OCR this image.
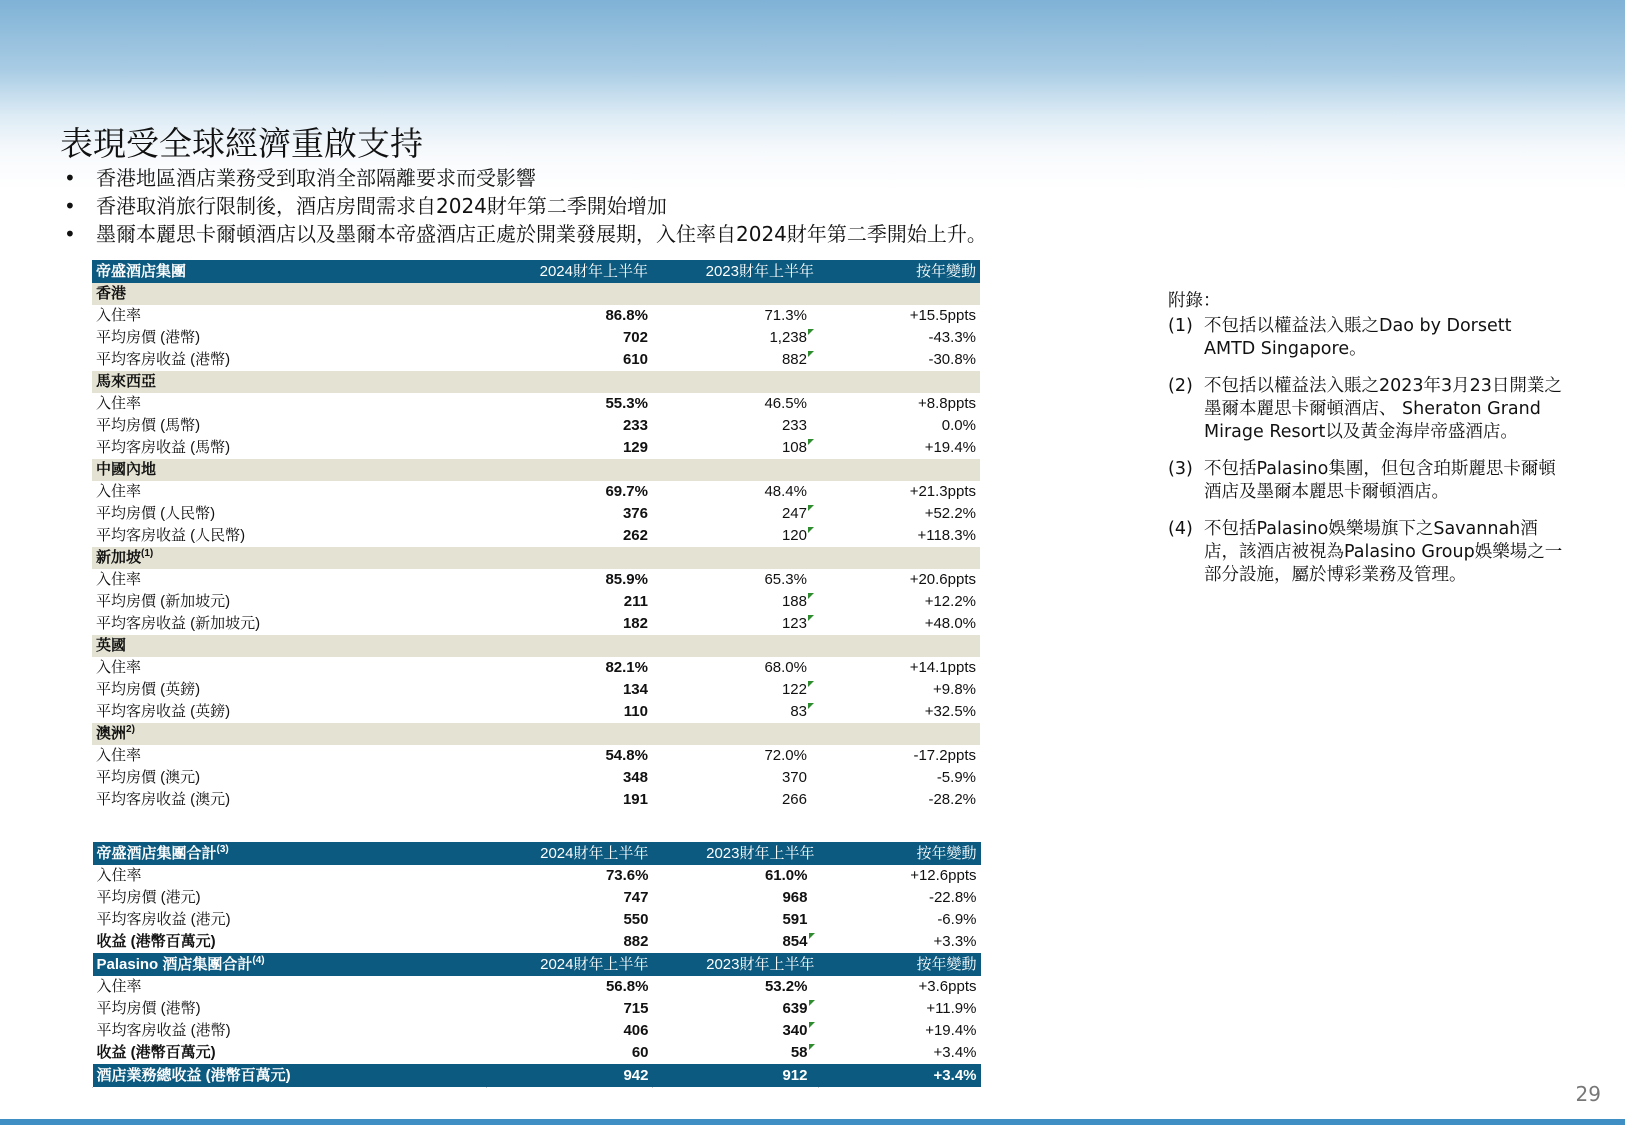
表現受全球經濟重啟支持
• 香港地區酒店業務受到取消全部隔離要求而受影響
• 香港取消旅行限制後，酒店房間需求自2024財年第二季開始增加
• 墨爾本麗思卡爾頓酒店以及墨爾本帝盛酒店正處於開業發展期，入住率自2024財年第二季開始上升。
帝盛酒店集團	2024財年上半年	2023財年上半年	按年變動
香港			
入住率	86.8%	71.3%	+15.5ppts
平均房價 (港幣)	702	1,238	-43.3%
平均客房收益 (港幣)	610	882	-30.8%
馬來西亞			
入住率	55.3%	46.5%	+8.8ppts
平均房價 (馬幣)	233	233	0.0%
平均客房收益 (馬幣)	129	108	+19.4%
中國內地			
入住率	69.7%	48.4%	+21.3ppts
平均房價 (人民幣)	376	247	+52.2%
平均客房收益 (人民幣)	262	120	+118.3%
新加坡$^{(1)}$	
入住率	85.9%	65.3%	+20.6ppts
平均房價 (新加坡元)	211	188	+12.2%
平均客房收益 (新加坡元)	182	123	+48.0%
英國			
入住率	82.1%	68.0%	+14.1ppts
平均房價 (英鎊)	134	122	+9.8%
平均客房收益 (英鎊)	110	83	+32.5%
澳洲$^{2)}$	
入住率	54.8%	72.0%	-17.2ppts
平均房價 (澳元)	348	370	-5.9%
平均客房收益 (澳元)	191	266	-28.2%
帝盛酒店集團合計$^{(3)}$	2024財年上半年	2023財年上半年	按年變動
入住率	73.6%	61.0%	+12.6ppts
平均房價 (港元)	747	968	-22.8%
平均客房收益 (港元)	550	591	-6.9%
收益 (港幣百萬元)	882	854	+3.3%
Palasino 酒店集團合計$^{(4)}$	2024財年上半年	2023財年上半年	按年變動
入住率	56.8%	53.2%	+3.6ppts
平均房價 (港幣)	715	639	+11.9%
平均客房收益 (港幣)	406	340	+19.4%
收益 (港幣百萬元)	60	58	+3.4%
酒店業務總收益 (港幣百萬元)	942	912	+3.4%

附錄：
(1) 不包括以權益法入賬之Dao by Dorsett AMTD Singapore。
(2) 不包括以權益法入賬之2023年3月23日開業之墨爾本麗思卡爾頓酒店、 Sheraton Grand Mirage Resort以及黃金海岸帝盛酒店。
(3) 不包括Palasino集團，但包含珀斯麗思卡爾頓酒店及墨爾本麗思卡爾頓酒店。
(4) 不包括Palasino娛樂場旗下之Savannah酒店，該酒店被視為Palasino Group娛樂場之一部分設施，屬於博彩業務及管理。
29
